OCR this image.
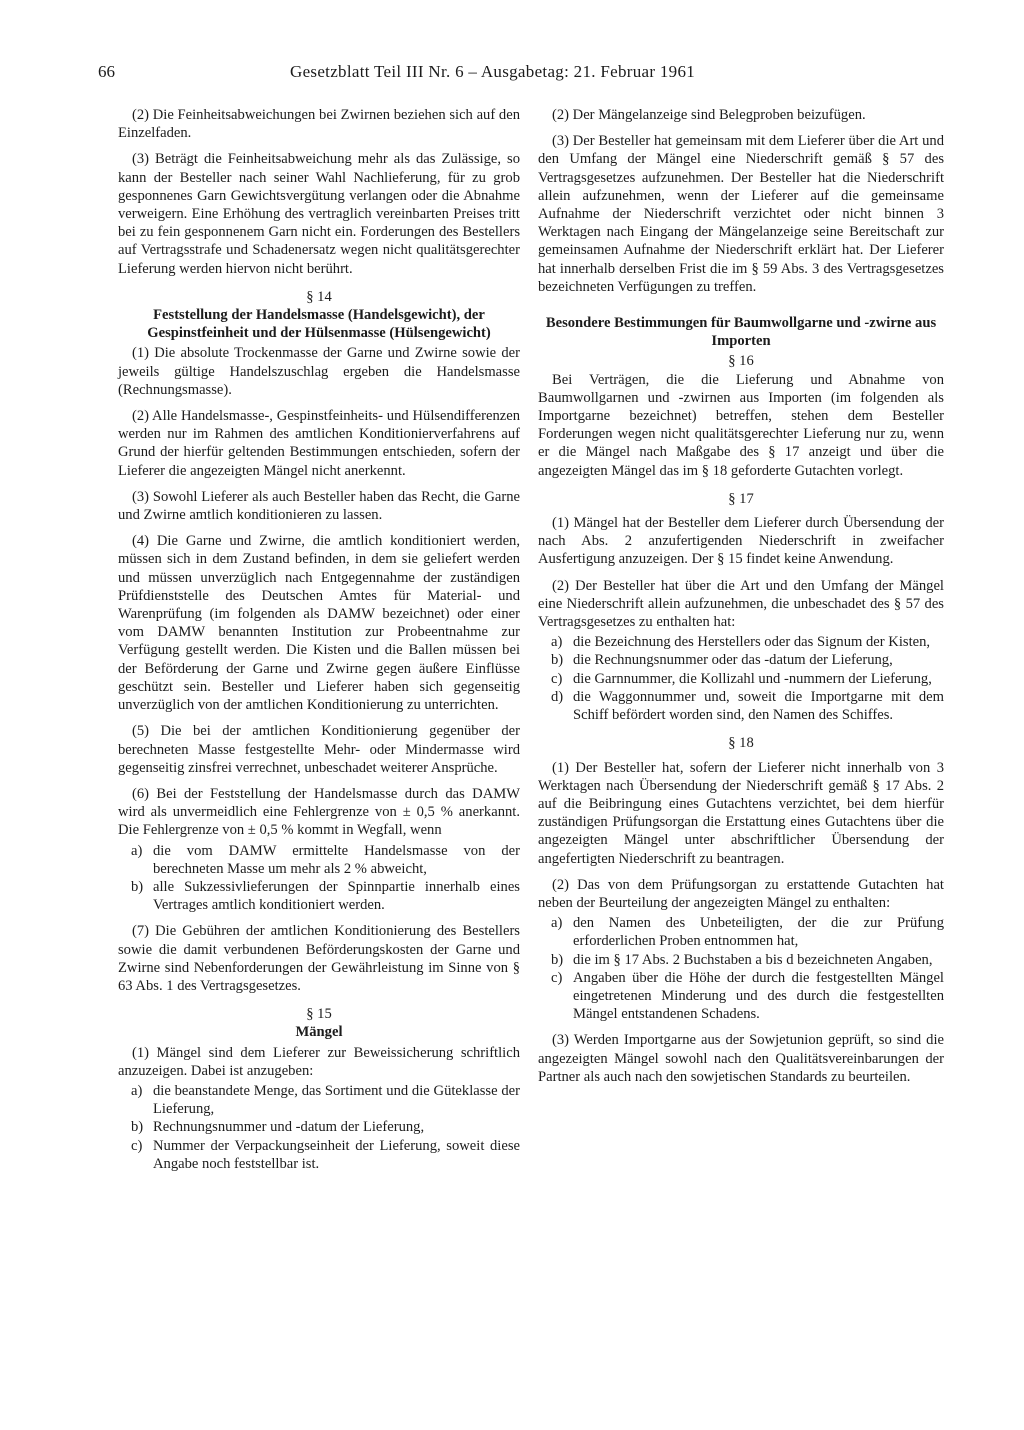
66	Gesetzblatt Teil III Nr. 6 – Ausgabetag: 21. Februar 1961

(2) Die Feinheitsabweichungen bei Zwirnen beziehen sich auf den Einzelfaden.

(3) Beträgt die Feinheitsabweichung mehr als das Zulässige, so kann der Besteller nach seiner Wahl Nachlieferung, für zu grob gesponnenes Garn Gewichtsvergütung verlangen oder die Abnahme verweigern. Eine Erhöhung des vertraglich vereinbarten Preises tritt bei zu fein gesponnenem Garn nicht ein. Forderungen des Bestellers auf Vertragsstrafe und Schadenersatz wegen nicht qualitätsgerechter Lieferung werden hiervon nicht berührt.

§ 14

Feststellung der Handelsmasse (Handelsgewicht), der Gespinstfeinheit und der Hülsenmasse (Hülsengewicht)

(1) Die absolute Trockenmasse der Garne und Zwirne sowie der jeweils gültige Handelszuschlag ergeben die Handelsmasse (Rechnungsmasse).

(2) Alle Handelsmasse-, Gespinstfeinheits- und Hülsendifferenzen werden nur im Rahmen des amtlichen Konditionierverfahrens auf Grund der hierfür geltenden Bestimmungen entschieden, sofern der Lieferer die angezeigten Mängel nicht anerkennt.

(3) Sowohl Lieferer als auch Besteller haben das Recht, die Garne und Zwirne amtlich konditionieren zu lassen.

(4) Die Garne und Zwirne, die amtlich konditioniert werden, müssen sich in dem Zustand befinden, in dem sie geliefert werden und müssen unverzüglich nach Entgegennahme der zuständigen Prüfdienststelle des Deutschen Amtes für Material- und Warenprüfung (im folgenden als DAMW bezeichnet) oder einer vom DAMW benannten Institution zur Probeentnahme zur Verfügung gestellt werden. Die Kisten und die Ballen müssen bei der Beförderung der Garne und Zwirne gegen äußere Einflüsse geschützt sein. Besteller und Lieferer haben sich gegenseitig unverzüglich von der amtlichen Konditionierung zu unterrichten.

(5) Die bei der amtlichen Konditionierung gegenüber der berechneten Masse festgestellte Mehr- oder Mindermasse wird gegenseitig zinsfrei verrechnet, unbeschadet weiterer Ansprüche.

(6) Bei der Feststellung der Handelsmasse durch das DAMW wird als unvermeidlich eine Fehlergrenze von ± 0,5 % anerkannt. Die Fehlergrenze von ± 0,5 % kommt in Wegfall, wenn

a) die vom DAMW ermittelte Handelsmasse von der berechneten Masse um mehr als 2 % abweicht,
b) alle Sukzessivlieferungen der Spinnpartie innerhalb eines Vertrages amtlich konditioniert werden.

(7) Die Gebühren der amtlichen Konditionierung des Bestellers sowie die damit verbundenen Beförderungskosten der Garne und Zwirne sind Nebenforderungen der Gewährleistung im Sinne von § 63 Abs. 1 des Vertragsgesetzes.

§ 15

Mängel

(1) Mängel sind dem Lieferer zur Beweissicherung schriftlich anzuzeigen. Dabei ist anzugeben:

a) die beanstandete Menge, das Sortiment und die Güteklasse der Lieferung,
b) Rechnungsnummer und -datum der Lieferung,
c) Nummer der Verpackungseinheit der Lieferung, soweit diese Angabe noch feststellbar ist.

(2) Der Mängelanzeige sind Belegproben beizufügen.

(3) Der Besteller hat gemeinsam mit dem Lieferer über die Art und den Umfang der Mängel eine Niederschrift gemäß § 57 des Vertragsgesetzes aufzunehmen. Der Besteller hat die Niederschrift allein aufzunehmen, wenn der Lieferer auf die gemeinsame Aufnahme der Niederschrift verzichtet oder nicht binnen 3 Werktagen nach Eingang der Mängelanzeige seine Bereitschaft zur gemeinsamen Aufnahme der Niederschrift erklärt hat. Der Lieferer hat innerhalb derselben Frist die im § 59 Abs. 3 des Vertragsgesetzes bezeichneten Verfügungen zu treffen.

Besondere Bestimmungen für Baumwollgarne und -zwirne aus Importen

§ 16

Bei Verträgen, die die Lieferung und Abnahme von Baumwollgarnen und -zwirnen aus Importen (im folgenden als Importgarne bezeichnet) betreffen, stehen dem Besteller Forderungen wegen nicht qualitätsgerechter Lieferung nur zu, wenn er die Mängel nach Maßgabe des § 17 anzeigt und über die angezeigten Mängel das im § 18 geforderte Gutachten vorlegt.

§ 17

(1) Mängel hat der Besteller dem Lieferer durch Übersendung der nach Abs. 2 anzufertigenden Niederschrift in zweifacher Ausfertigung anzuzeigen. Der § 15 findet keine Anwendung.

(2) Der Besteller hat über die Art und den Umfang der Mängel eine Niederschrift allein aufzunehmen, die unbeschadet des § 57 des Vertragsgesetzes zu enthalten hat:

a) die Bezeichnung des Herstellers oder das Signum der Kisten,
b) die Rechnungsnummer oder das -datum der Lieferung,
c) die Garnnummer, die Kollizahl und -nummern der Lieferung,
d) die Waggonnummer und, soweit die Importgarne mit dem Schiff befördert worden sind, den Namen des Schiffes.

§ 18

(1) Der Besteller hat, sofern der Lieferer nicht innerhalb von 3 Werktagen nach Übersendung der Niederschrift gemäß § 17 Abs. 2 auf die Beibringung eines Gutachtens verzichtet, bei dem hierfür zuständigen Prüfungsorgan die Erstattung eines Gutachtens über die angezeigten Mängel unter abschriftlicher Übersendung der angefertigten Niederschrift zu beantragen.

(2) Das von dem Prüfungsorgan zu erstattende Gutachten hat neben der Beurteilung der angezeigten Mängel zu enthalten:

a) den Namen des Unbeteiligten, der die zur Prüfung erforderlichen Proben entnommen hat,
b) die im § 17 Abs. 2 Buchstaben a bis d bezeichneten Angaben,
c) Angaben über die Höhe der durch die festgestellten Mängel eingetretenen Minderung und des durch die festgestellten Mängel entstandenen Schadens.

(3) Werden Importgarne aus der Sowjetunion geprüft, so sind die angezeigten Mängel sowohl nach den Qualitätsvereinbarungen der Partner als auch nach den sowjetischen Standards zu beurteilen.
